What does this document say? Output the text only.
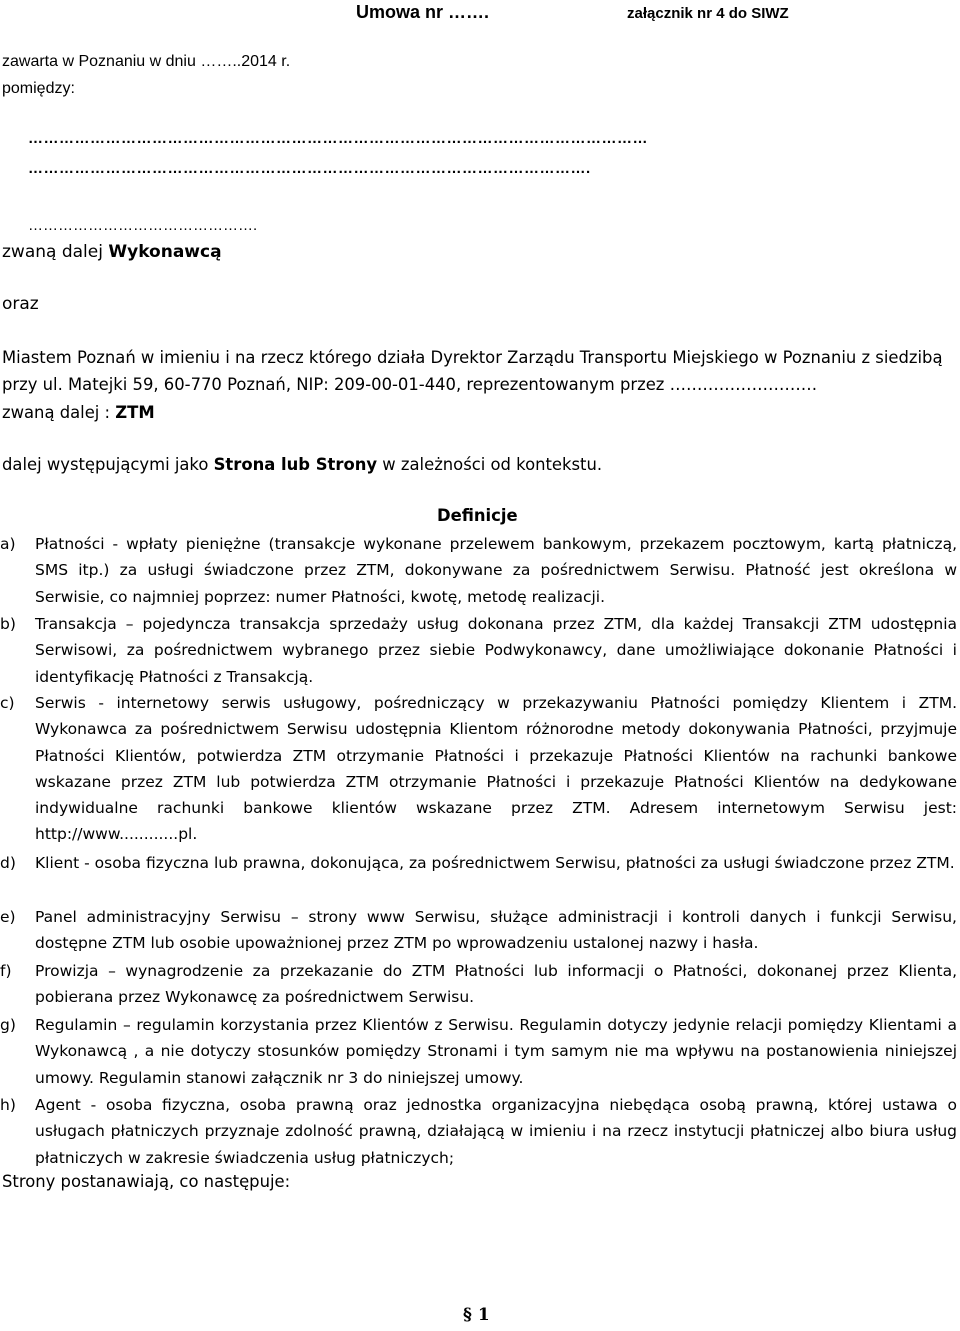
Umowa nr …….	załącznik nr 4 do SIWZ
zawarta w Poznaniu w dniu ……..2014 r.
pomiędzy:
…………………………………………………………………………………………………………
……………………………………………………………………………………………….
……………………………………….
zwaną dalej Wykonawcą
oraz
Miastem Poznań w imieniu i na rzecz którego działa Dyrektor Zarządu Transportu Miejskiego w Poznaniu z siedzibą
przy ul. Matejki 59, 60-770 Poznań, NIP: 209-00-01-440, reprezentowanym przez ………………………
zwaną dalej : ZTM
dalej występującymi jako Strona lub Strony w zależności od kontekstu.
Definicje
a) Płatności - wpłaty pieniężne (transakcje wykonane przelewem bankowym, przekazem pocztowym, kartą płatniczą, SMS itp.) za usługi świadczone przez ZTM, dokonywane za pośrednictwem Serwisu. Płatność jest określona w Serwisie, co najmniej poprzez: numer Płatności, kwotę, metodę realizacji.
b) Transakcja – pojedyncza transakcja sprzedaży usług dokonana przez ZTM, dla każdej Transakcji ZTM udostępnia Serwisowi, za pośrednictwem wybranego przez siebie Podwykonawcy, dane umożliwiające dokonanie Płatności i identyfikację Płatności z Transakcją.
c) Serwis - internetowy serwis usługowy, pośredniczący w przekazywaniu Płatności pomiędzy Klientem i ZTM. Wykonawca za pośrednictwem Serwisu udostępnia Klientom różnorodne metody dokonywania Płatności, przyjmuje Płatności Klientów, potwierdza ZTM otrzymanie Płatności i przekazuje Płatności Klientów na rachunki bankowe wskazane przez ZTM lub potwierdza ZTM otrzymanie Płatności i przekazuje Płatności Klientów na dedykowane indywidualne rachunki bankowe klientów wskazane przez ZTM. Adresem internetowym Serwisu jest: http://www............pl.
d) Klient - osoba fizyczna lub prawna, dokonująca, za pośrednictwem Serwisu, płatności za usługi świadczone przez ZTM.
e) Panel administracyjny Serwisu – strony www Serwisu, służące administracji i kontroli danych i funkcji Serwisu, dostępne ZTM lub osobie upoważnionej przez ZTM po wprowadzeniu ustalonej nazwy i hasła.
f) Prowizja – wynagrodzenie za przekazanie do ZTM Płatności lub informacji o Płatności, dokonanej przez Klienta, pobierana przez Wykonawcę za pośrednictwem Serwisu.
g) Regulamin – regulamin korzystania przez Klientów z Serwisu. Regulamin dotyczy jedynie relacji pomiędzy Klientami a Wykonawcą , a nie dotyczy stosunków pomiędzy Stronami i tym samym nie ma wpływu na postanowienia niniejszej umowy. Regulamin stanowi załącznik nr 3 do niniejszej umowy.
h) Agent - osoba fizyczna, osoba prawną oraz jednostka organizacyjna niebędąca osobą prawną, której ustawa o usługach płatniczych przyznaje zdolność prawną, działającą w imieniu i na rzecz instytucji płatniczej albo biura usług płatniczych w zakresie świadczenia usług płatniczych;
Strony postanawiają, co następuje:
§ 1
